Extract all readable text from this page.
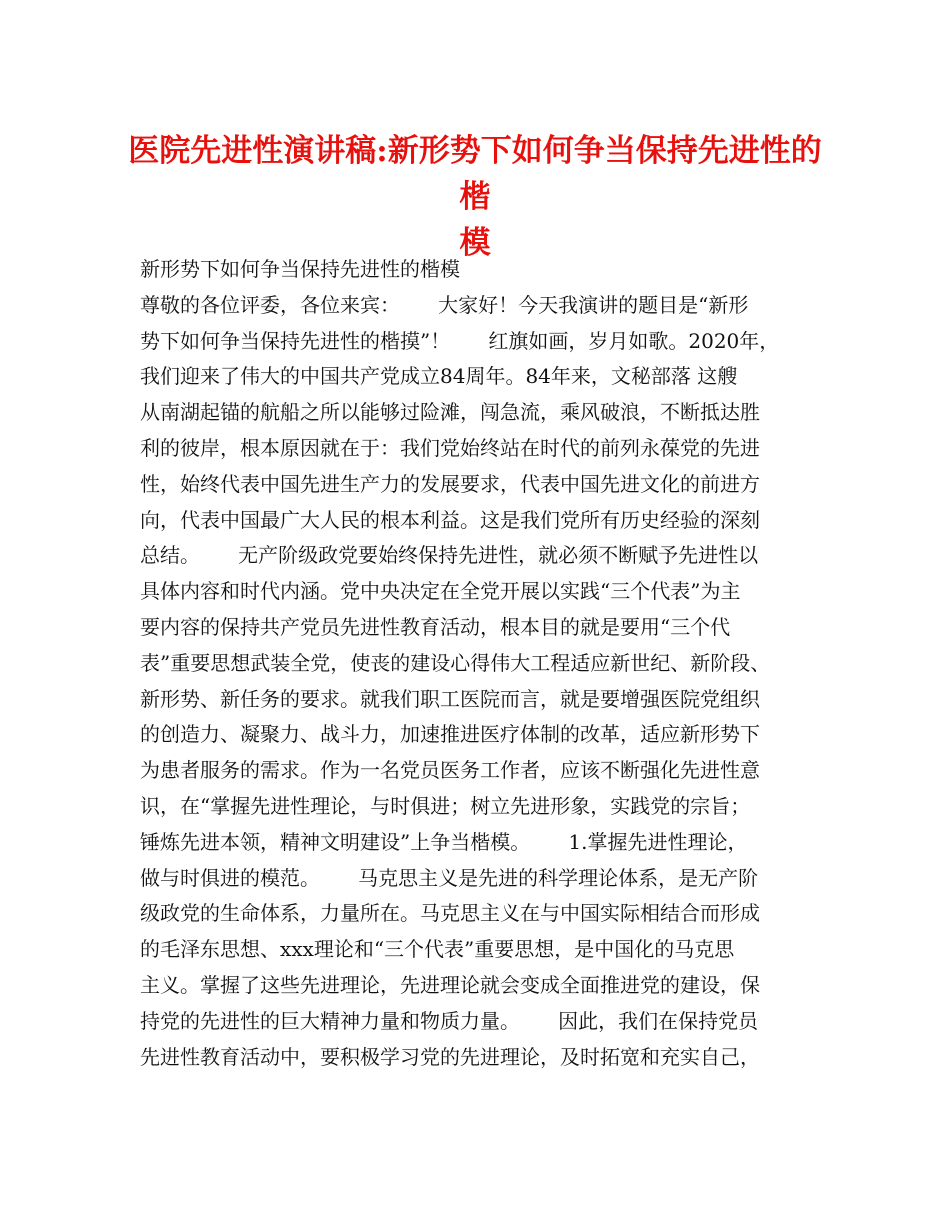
医院先进性演讲稿:新形势下如何争当保持先进性的楷
模
新形势下如何争当保持先进性的楷模
尊敬的各位评委，各位来宾：      大家好！今天我演讲的题目是“新形
势下如何争当保持先进性的楷摸”！      红旗如画，岁月如歌。2020年，
我们迎来了伟大的中国共产党成立84周年。84年来，文秘部落 这艘
从南湖起锚的航船之所以能够过险滩，闯急流，乘风破浪，不断抵达胜
利的彼岸，根本原因就在于：我们党始终站在时代的前列永葆党的先进
性，始终代表中国先进生产力的发展要求，代表中国先进文化的前进方
向，代表中国最广大人民的根本利益。这是我们党所有历史经验的深刻
总结。      无产阶级政党要始终保持先进性，就必须不断赋予先进性以
具体内容和时代内涵。党中央决定在全党开展以实践“三个代表”为主
要内容的保持共产党员先进性教育活动，根本目的就是要用“三个代
表”重要思想武装全党，使丧的建设心得伟大工程适应新世纪、新阶段、
新形势、新任务的要求。就我们职工医院而言，就是要增强医院党组织
的创造力、凝聚力、战斗力，加速推进医疗体制的改革，适应新形势下
为患者服务的需求。作为一名党员医务工作者，应该不断强化先进性意
识，在“掌握先进性理论，与时俱进；树立先进形象，实践党的宗旨；
锤炼先进本领，精神文明建设”上争当楷模。      1.掌握先进性理论，
做与时俱进的模范。      马克思主义是先进的科学理论体系，是无产阶
级政党的生命体系，力量所在。马克思主义在与中国实际相结合而形成
的毛泽东思想、xxx理论和“三个代表”重要思想，是中国化的马克思
主义。掌握了这些先进理论，先进理论就会变成全面推进党的建设，保
持党的先进性的巨大精神力量和物质力量。      因此，我们在保持党员
先进性教育活动中，要积极学习党的先进理论，及时拓宽和充实自己，
